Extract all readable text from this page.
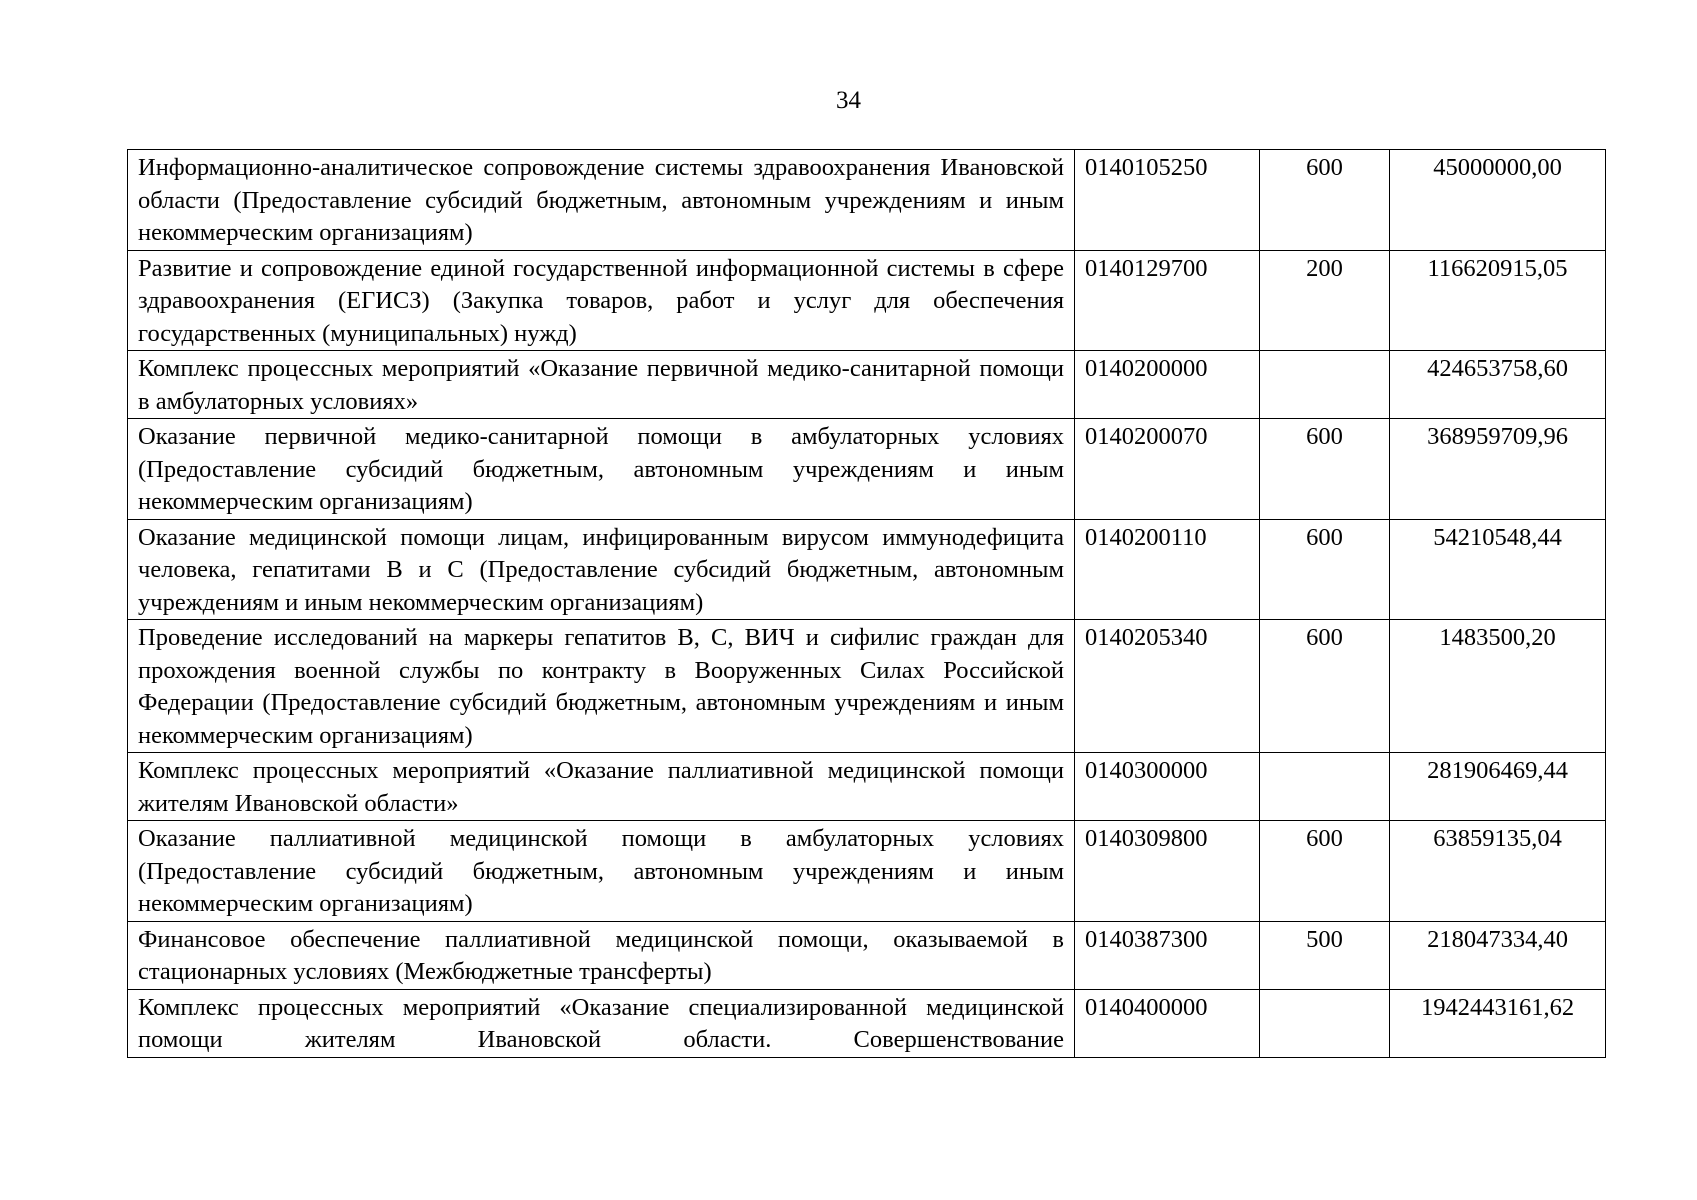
34
Информационно-аналитическое сопровождение системы здравоохранения Ивановской области (Предоставление субсидий бюджетным, автономным учреждениям и иным некоммерческим организациям)	0140105250	600	45000000,00
Развитие и сопровождение единой государственной информационной системы в сфере здравоохранения (ЕГИСЗ) (Закупка товаров, работ и услуг для обеспечения государственных (муниципальных) нужд)	0140129700	200	116620915,05
Комплекс процессных мероприятий «Оказание первичной медико-санитарной помощи в амбулаторных условиях»	0140200000		424653758,60
Оказание первичной медико-санитарной помощи в амбулаторных условиях (Предоставление субсидий бюджетным, автономным учреждениям и иным некоммерческим организациям)	0140200070	600	368959709,96
Оказание медицинской помощи лицам, инфицированным вирусом иммунодефицита человека, гепатитами В и С (Предоставление субсидий бюджетным, автономным учреждениям и иным некоммерческим организациям)	0140200110	600	54210548,44
Проведение исследований на маркеры гепатитов В, С, ВИЧ и сифилис граждан для прохождения военной службы по контракту в Вооруженных Силах Российской Федерации (Предоставление субсидий бюджетным, автономным учреждениям и иным некоммерческим организациям)	0140205340	600	1483500,20
Комплекс процессных мероприятий «Оказание паллиативной медицинской помощи жителям Ивановской области»	0140300000		281906469,44
Оказание паллиативной медицинской помощи в амбулаторных условиях (Предоставление субсидий бюджетным, автономным учреждениям и иным некоммерческим организациям)	0140309800	600	63859135,04
Финансовое обеспечение паллиативной медицинской помощи, оказываемой в стационарных условиях (Межбюджетные трансферты)	0140387300	500	218047334,40

Комплекс процессных мероприятий «Оказание специализированной медицинской помощи жителям Ивановской области. Совершенствование	0140400000		1942443161,62
